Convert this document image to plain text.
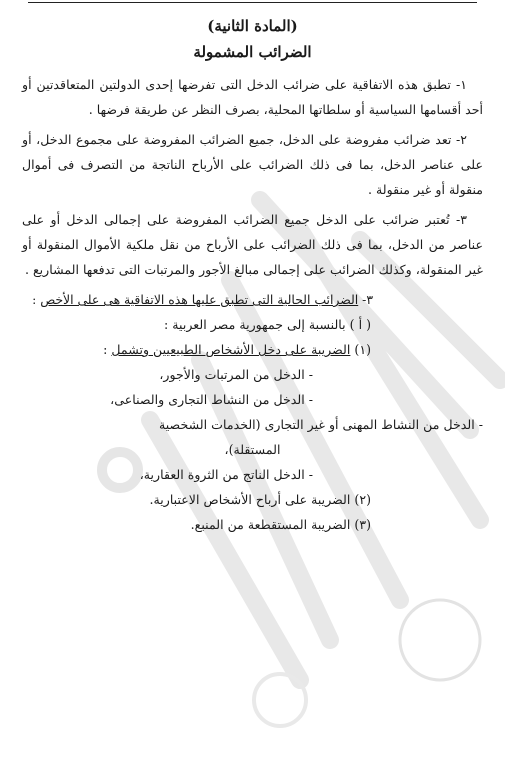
(المادة الثانية)

الضرائب المشمولة

١- تطبق هذه الاتفاقية على ضرائب الدخل التى تفرضها إحدى الدولتين المتعاقدتين أو أحد أقسامها السياسية أو سلطاتها المحلية، بصرف النظر عن طريقة فرضها .

٢- تعد ضرائب مفروضة على الدخل، جميع الضرائب المفروضة على مجموع الدخل، أو على عناصر الدخل، بما فى ذلك الضرائب على الأرباح الناتجة من التصرف فى أموال منقولة أو غير منقولة .

٣- تُعتبر ضرائب على الدخل جميع الضرائب المفروضة على إجمالى الدخل أو على عناصر من الدخل، بما فى ذلك الضرائب على الأرباح من نقل ملكية الأموال المنقولة أو غير المنقولة، وكذلك الضرائب على إجمالى مبالغ الأجور والمرتبات التى تدفعها المشاريع .

٣- الضرائب الحالية التى تطبق عليها هذه الاتفاقية هى على الأخص :

( أ ) بالنسبة إلى جمهورية مصر العربية :

(١) الضريبة على دخل الأشخاص الطبيعيين وتشمل :

- الدخل من المرتبات والأجور،

- الدخل من النشاط التجارى والصناعى،

- الدخل من النشاط المهنى أو غير التجارى (الخدمات الشخصية

المستقلة)،

- الدخل الناتج من الثروة العقارية،

(٢) الضريبة على أرباح الأشخاص الاعتبارية.

(٣) الضريبة المستقطعة من المنبع.
